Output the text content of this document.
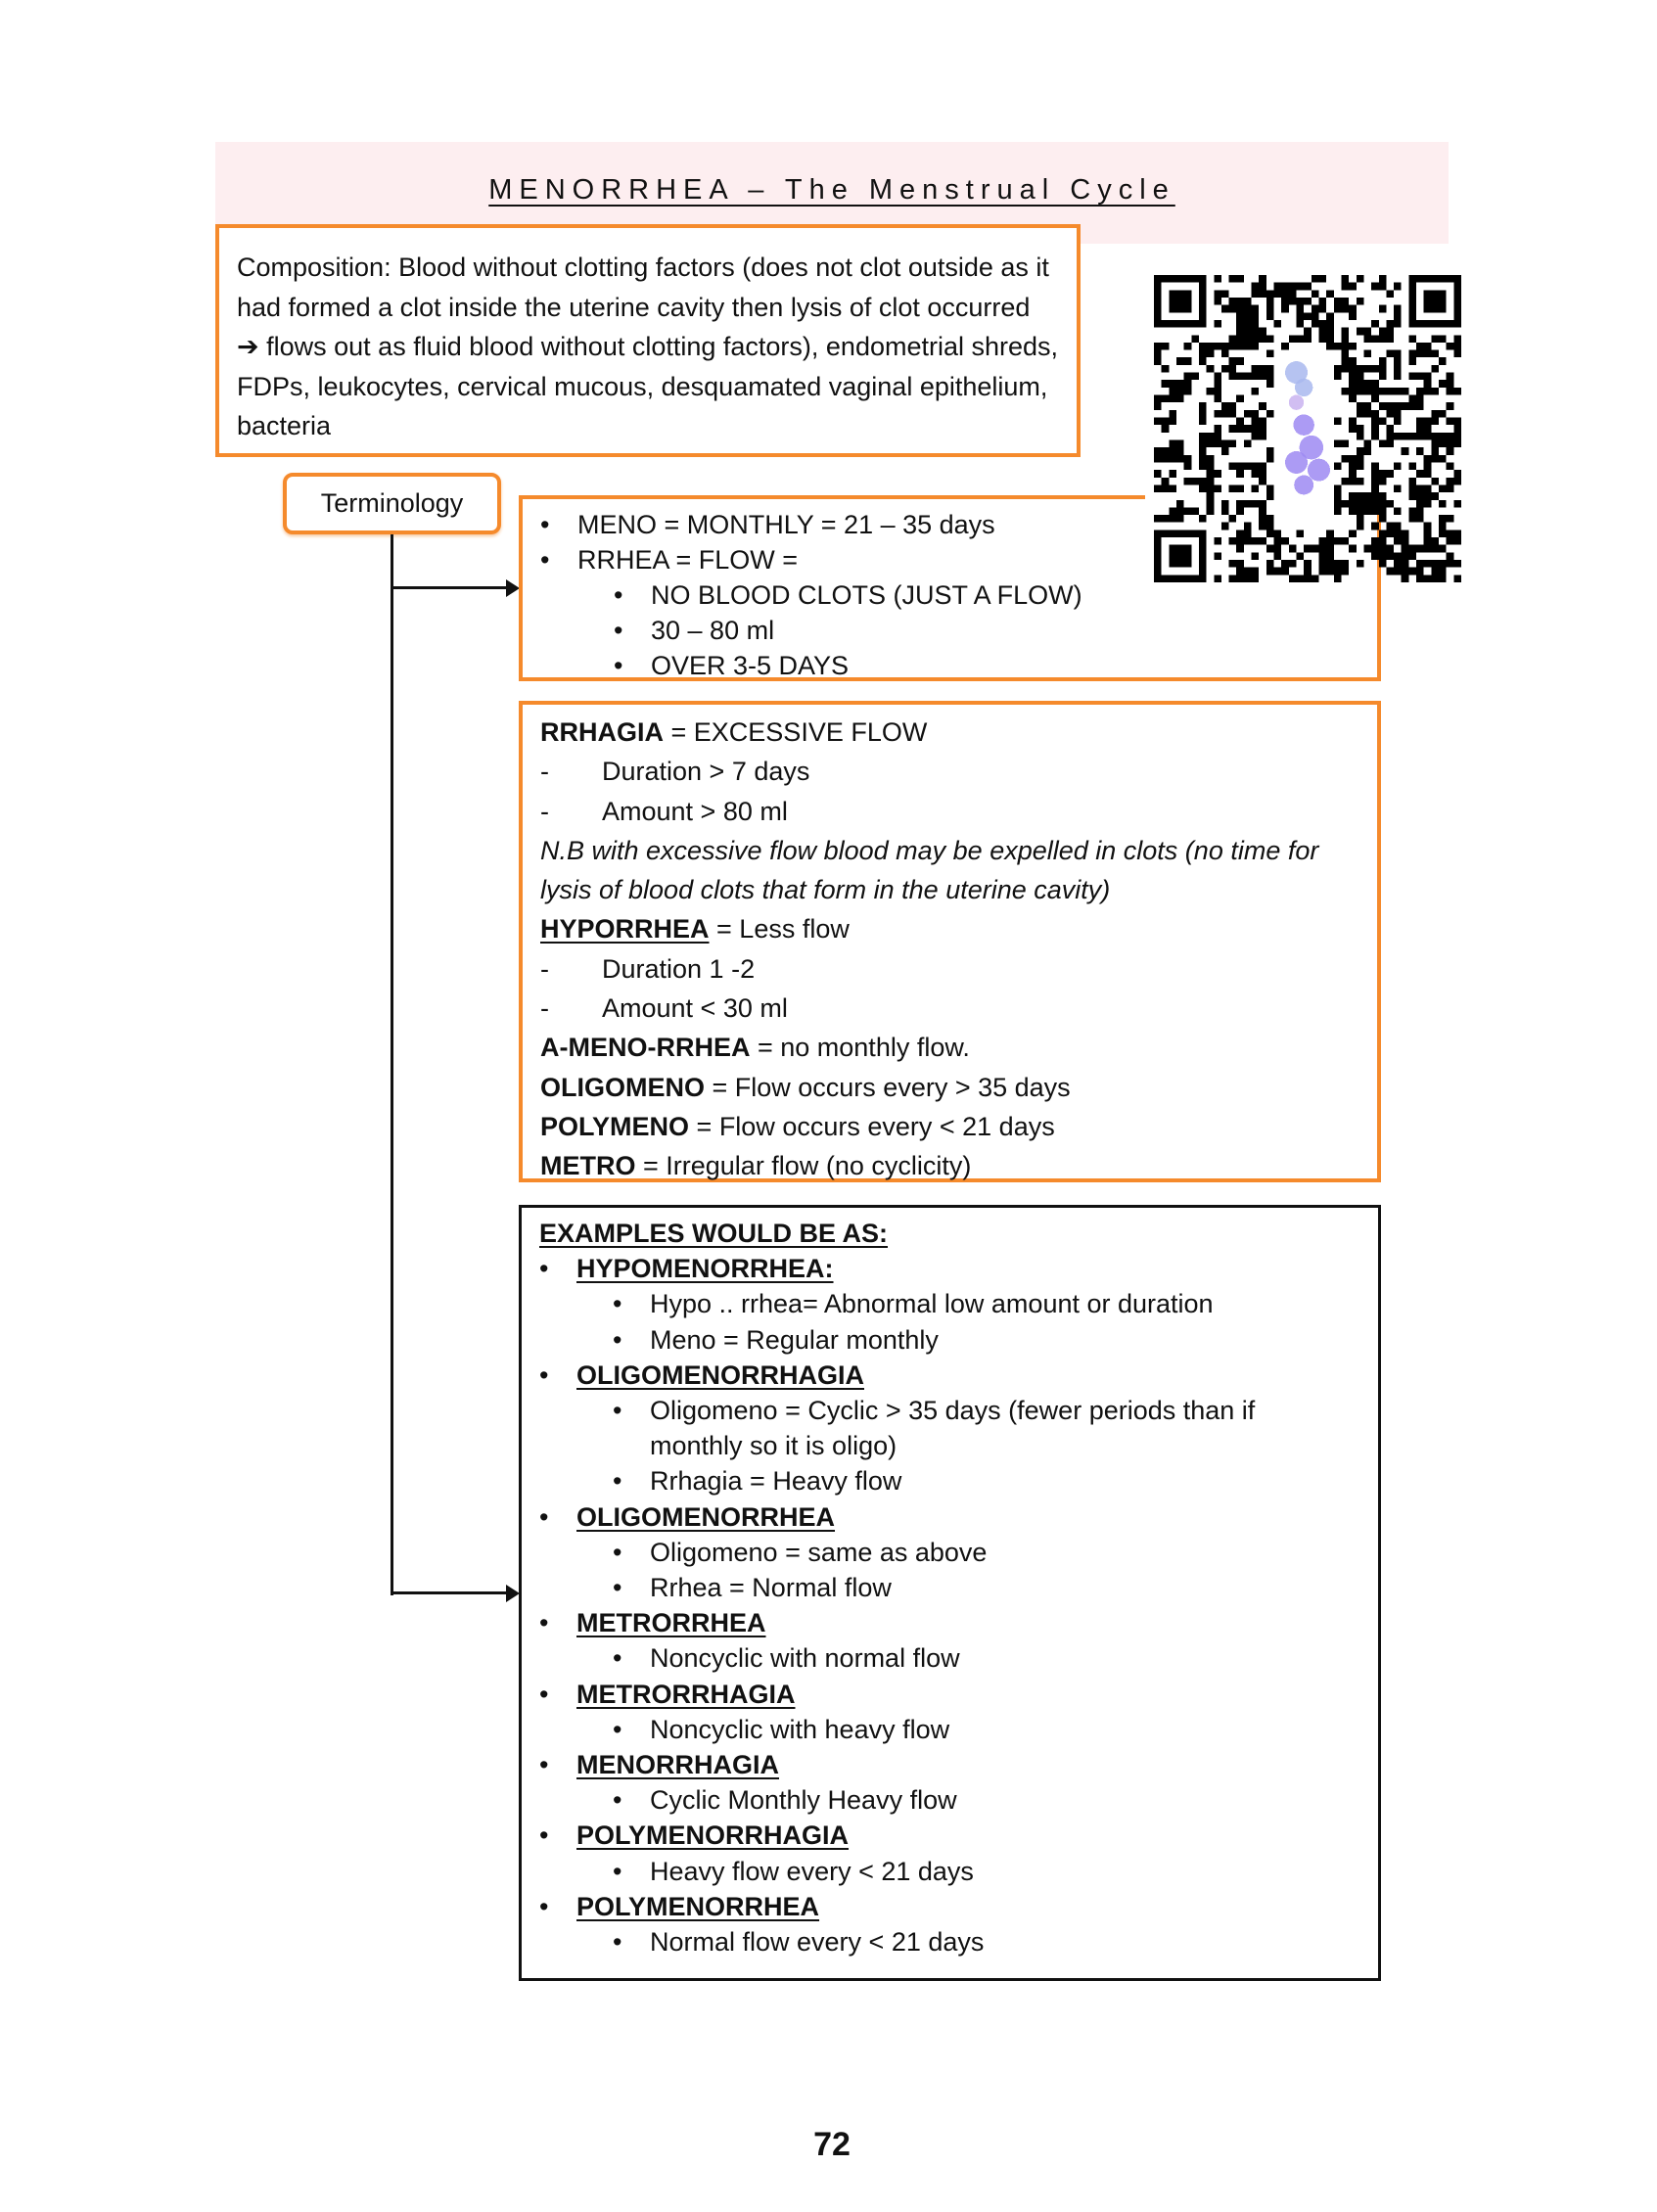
MENORRHEA – The Menstrual Cycle
Composition: Blood without clotting factors (does not clot outside as it had formed a clot inside the uterine cavity then lysis of clot occurred ➔ flows out as fluid blood without clotting factors), endometrial shreds, FDPs, leukocytes, cervical mucous, desquamated vaginal epithelium, bacteria
Terminology
• MENO = MONTHLY = 21 – 35 days
• RRHEA = FLOW =
• NO BLOOD CLOTS (JUST A FLOW)
• 30 – 80 ml
• OVER 3-5 DAYS
RRHAGIA = EXCESSIVE FLOW
- Duration > 7 days
- Amount > 80 ml
N.B with excessive flow blood may be expelled in clots (no time for lysis of blood clots that form in the uterine cavity)
HYPORRHEA = Less flow
- Duration 1 -2
- Amount < 30 ml
A-MENO-RRHEA = no monthly flow.
OLIGOMENO = Flow occurs every > 35 days
POLYMENO = Flow occurs every < 21 days
METRO = Irregular flow (no cyclicity)
EXAMPLES WOULD BE AS:
• HYPOMENORRHEA:
• Hypo .. rrhea= Abnormal low amount or duration
• Meno = Regular monthly
• OLIGOMENORRHAGIA
• Oligomeno = Cyclic > 35 days (fewer periods than if monthly so it is oligo)
• Rrhagia = Heavy flow
• OLIGOMENORRHEA
• Oligomeno = same as above
• Rrhea = Normal flow
• METRORRHEA
• Noncyclic with normal flow
• METRORRHAGIA
• Noncyclic with heavy flow
• MENORRHAGIA
• Cyclic Monthly Heavy flow
• POLYMENORRHAGIA
• Heavy flow every < 21 days
• POLYMENORRHEA
• Normal flow every < 21 days
72
